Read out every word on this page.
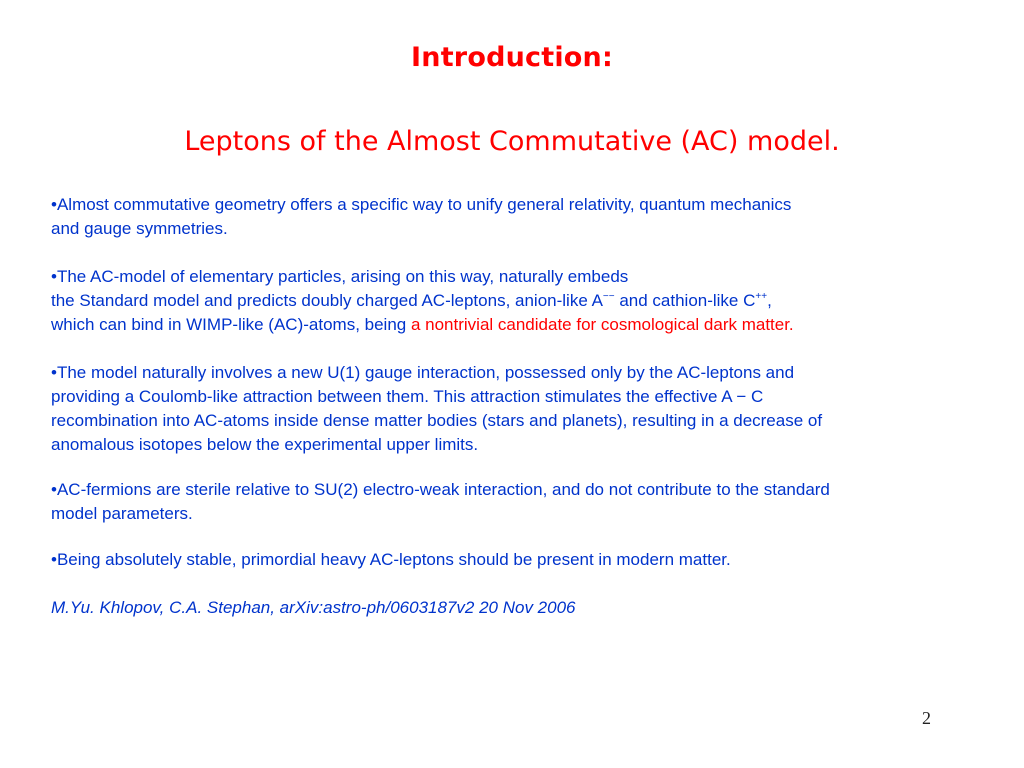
Introduction:
Leptons of the Almost Commutative (AC) model.

•Almost commutative geometry offers a specific way to unify general relativity, quantum mechanics
and gauge symmetries.

•The AC-model of elementary particles, arising on this way, naturally embeds
the Standard model and predicts doubly charged AC-leptons, anion-like A−− and cathion-like C++,
which can bind in WIMP-like (AC)-atoms, being a nontrivial candidate for cosmological dark matter.

•The model naturally involves a new U(1) gauge interaction, possessed only by the AC-leptons and
providing a Coulomb-like attraction between them. This attraction stimulates the effective A − C
recombination into AC-atoms inside dense matter bodies (stars and planets), resulting in a decrease of
anomalous isotopes below the experimental upper limits.

•AC-fermions are sterile relative to SU(2) electro-weak interaction, and do not contribute to the standard
model parameters.

•Being absolutely stable, primordial heavy AC-leptons should be present in modern matter.

M.Yu. Khlopov, C.A. Stephan, arXiv:astro-ph/0603187v2 20 Nov 2006

2
